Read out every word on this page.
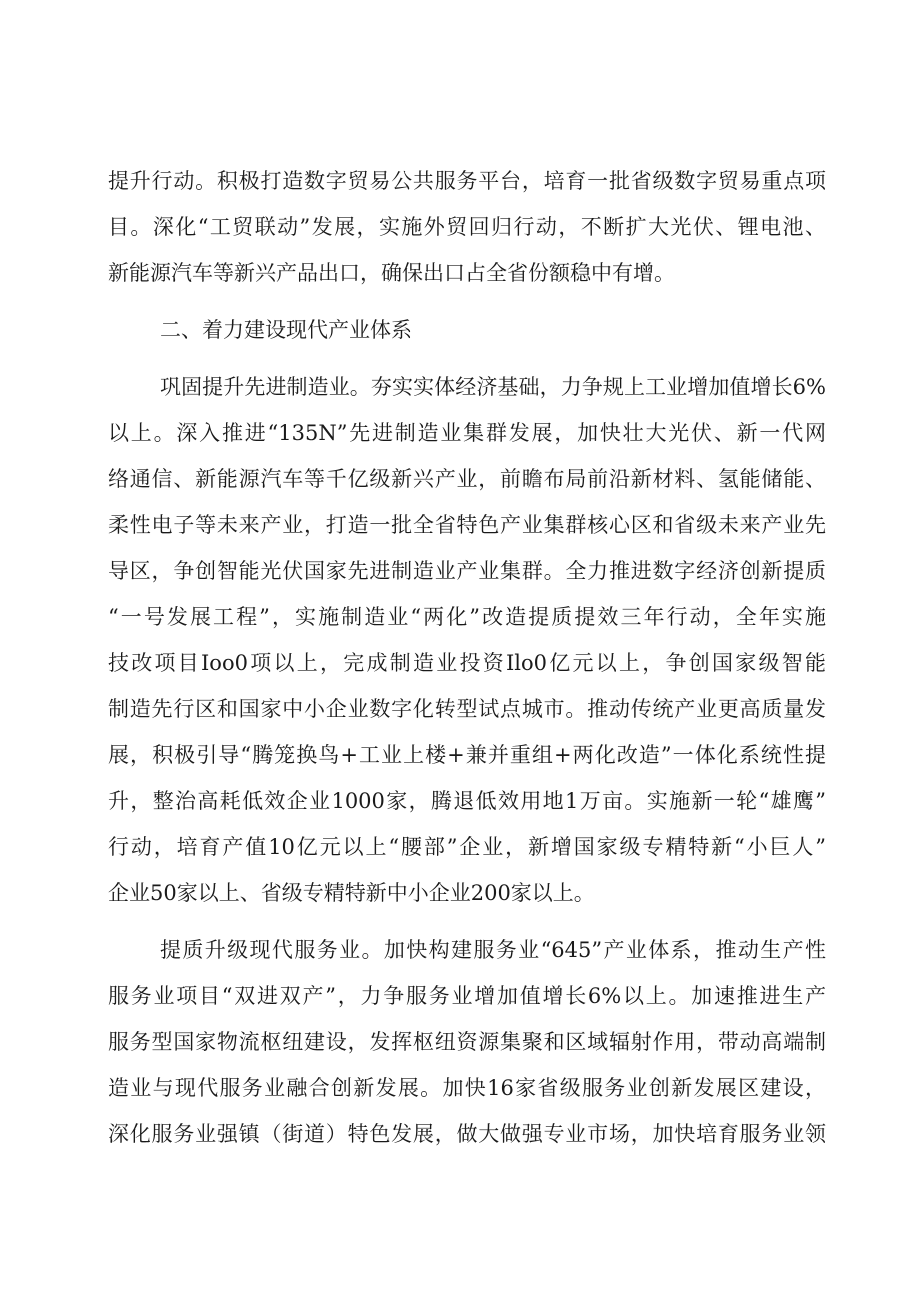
提升行动。积极打造数字贸易公共服务平台，培育一批省级数字贸易重点项
目。深化“工贸联动”发展，实施外贸回归行动，不断扩大光伏、锂电池、
新能源汽车等新兴产品出口，确保出口占全省份额稳中有增。
二、着力建设现代产业体系
巩固提升先进制造业。夯实实体经济基础，力争规上工业增加值增长6%
以上。深入推进“135N”先进制造业集群发展，加快壮大光伏、新一代网
络通信、新能源汽车等千亿级新兴产业，前瞻布局前沿新材料、氢能储能、
柔性电子等未来产业，打造一批全省特色产业集群核心区和省级未来产业先
导区，争创智能光伏国家先进制造业产业集群。全力推进数字经济创新提质
“一号发展工程”，实施制造业“两化”改造提质提效三年行动，全年实施
技改项目Ioo0项以上，完成制造业投资Ilo0亿元以上，争创国家级智能
制造先行区和国家中小企业数字化转型试点城市。推动传统产业更高质量发
展，积极引导“腾笼换鸟+工业上楼+兼并重组+两化改造”一体化系统性提
升，整治高耗低效企业1000家，腾退低效用地1万亩。实施新一轮“雄鹰”
行动，培育产值10亿元以上“腰部”企业，新增国家级专精特新“小巨人”
企业50家以上、省级专精特新中小企业200家以上。
提质升级现代服务业。加快构建服务业“645”产业体系，推动生产性
服务业项目“双进双产”，力争服务业增加值增长6%以上。加速推进生产
服务型国家物流枢纽建设，发挥枢纽资源集聚和区域辐射作用，带动高端制
造业与现代服务业融合创新发展。加快16家省级服务业创新发展区建设，
深化服务业强镇（街道）特色发展，做大做强专业市场，加快培育服务业领
